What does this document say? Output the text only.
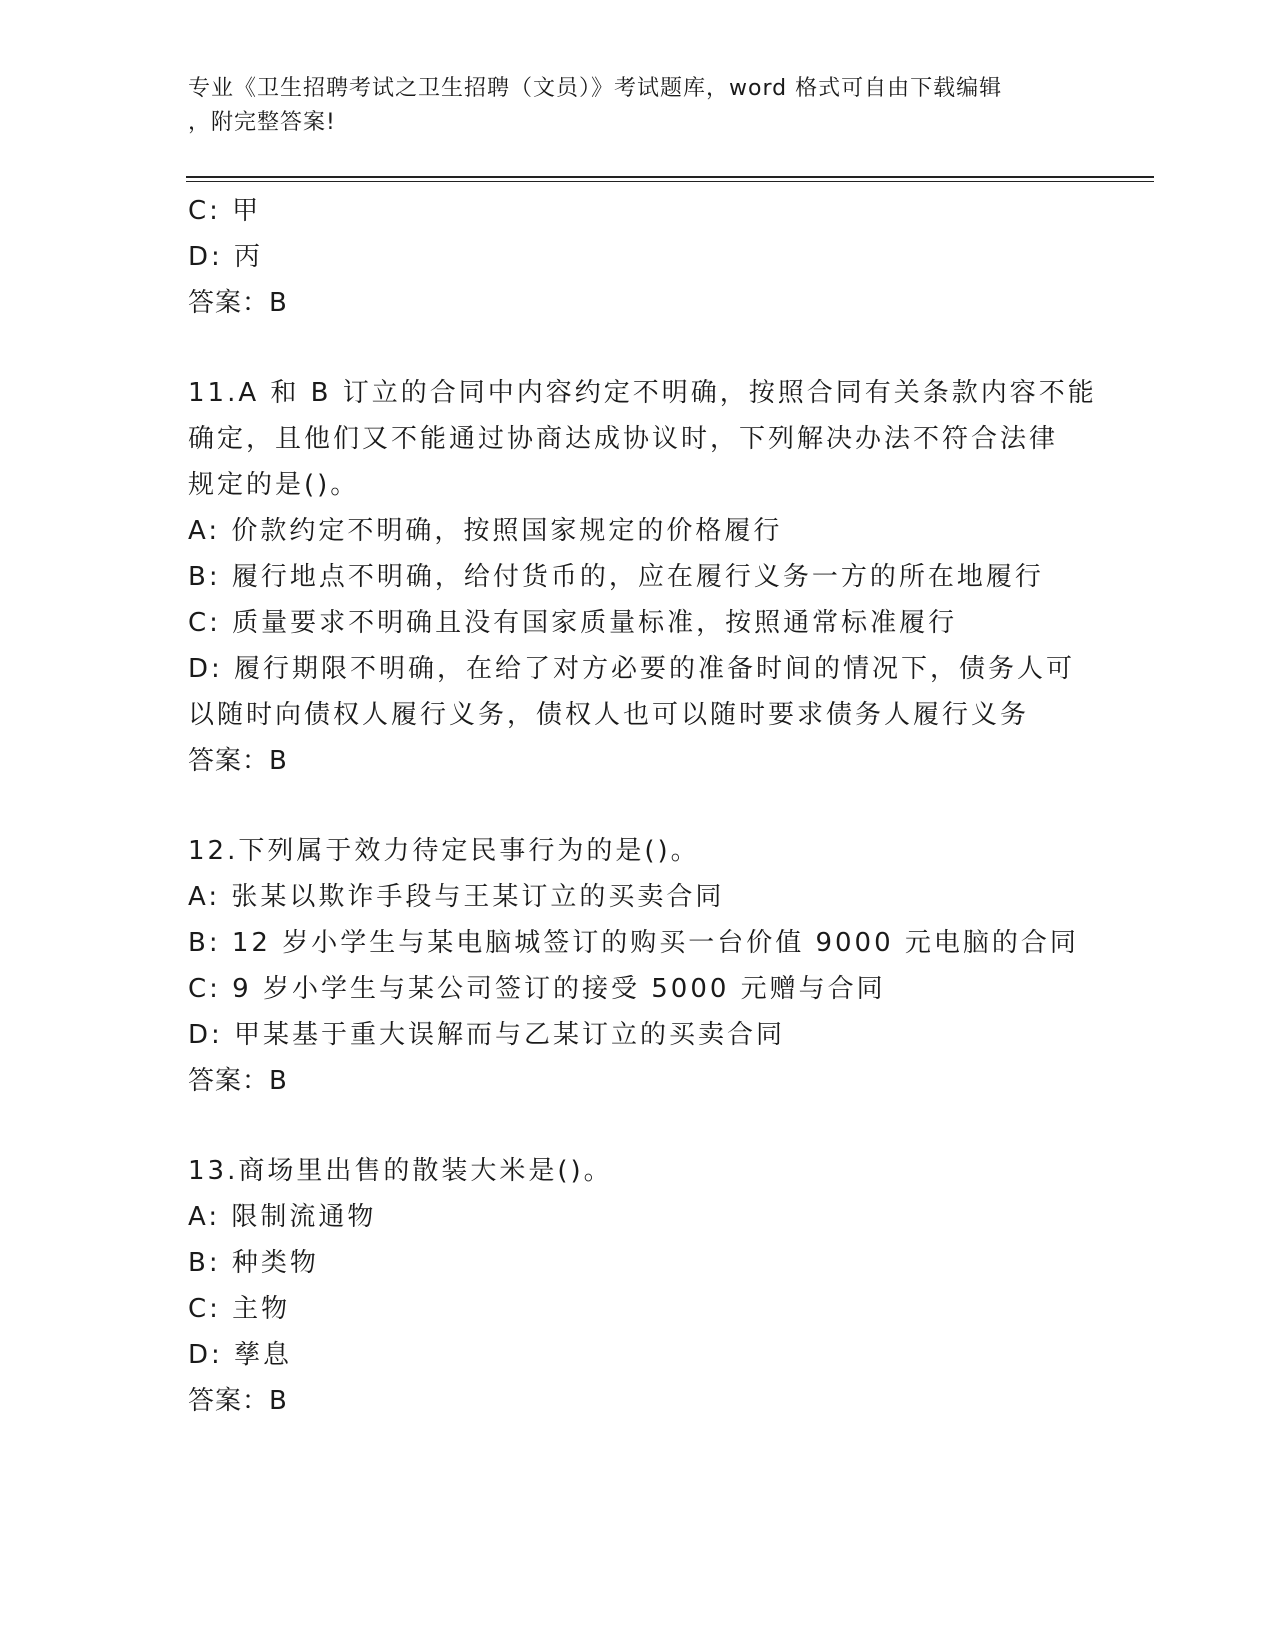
专业《卫生招聘考试之卫生招聘（文员）》考试题库，word 格式可自由下载编辑
，附完整答案!
C: 甲
D: 丙
答案：B
11.A 和 B 订立的合同中内容约定不明确，按照合同有关条款内容不能
确定，且他们又不能通过协商达成协议时，下列解决办法不符合法律
规定的是()。
A: 价款约定不明确，按照国家规定的价格履行
B: 履行地点不明确，给付货币的，应在履行义务一方的所在地履行
C: 质量要求不明确且没有国家质量标准，按照通常标准履行
D: 履行期限不明确，在给了对方必要的准备时间的情况下，债务人可
以随时向债权人履行义务，债权人也可以随时要求债务人履行义务
答案：B
12.下列属于效力待定民事行为的是()。
A: 张某以欺诈手段与王某订立的买卖合同
B: 12 岁小学生与某电脑城签订的购买一台价值 9000 元电脑的合同
C: 9 岁小学生与某公司签订的接受 5000 元赠与合同
D: 甲某基于重大误解而与乙某订立的买卖合同
答案：B
13.商场里出售的散装大米是()。
A: 限制流通物
B: 种类物
C: 主物
D: 孳息
答案：B
